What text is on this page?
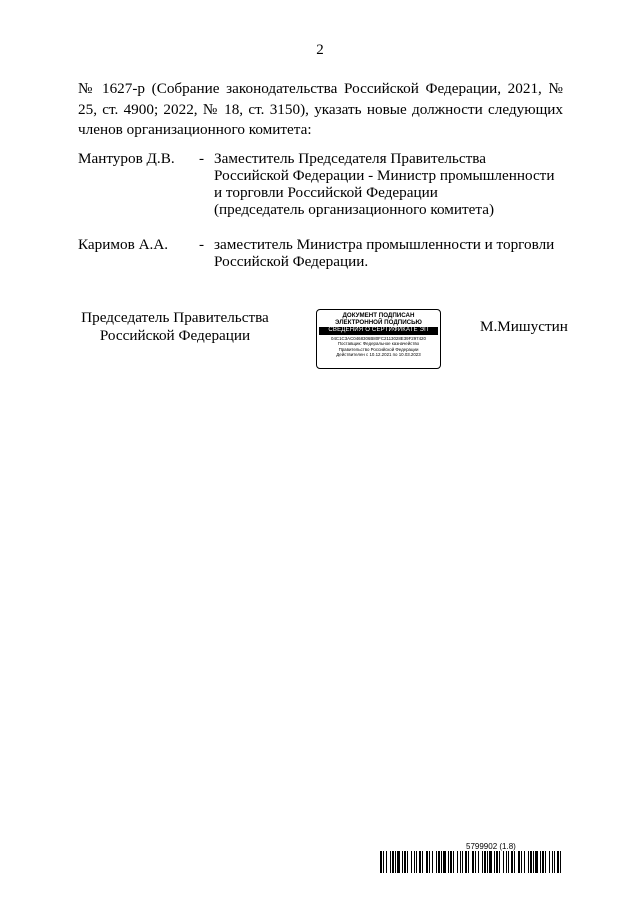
2

№ 1627-р (Собрание законодательства Российской Федерации, 2021, № 25, ст. 4900; 2022, № 18, ст. 3150), указать новые должности следующих членов организационного комитета:

Мантуров Д.В. - Заместитель Председателя Правительства
Российской Федерации - Министр промышленности
и торговли Российской Федерации
(председатель организационного комитета)
Каримов А.А. - заместитель Министра промышленности и торговли
Российской Федерации.
Председатель Правительства
Российской Федерации
ДОКУМЕНТ ПОДПИСАН
ЭЛЕКТРОННОЙ ПОДПИСЬЮ
СВЕДЕНИЯ О СЕРТИФИКАТЕ ЭП
04C1C3AC0468306B80FC2113028E39F297420
Поставщик: Федеральное казначейство
Правительство Российской Федерации
Действителен с 10.12.2021 по 10.03.2023
М.Мишустин
5799902 (1.8)
